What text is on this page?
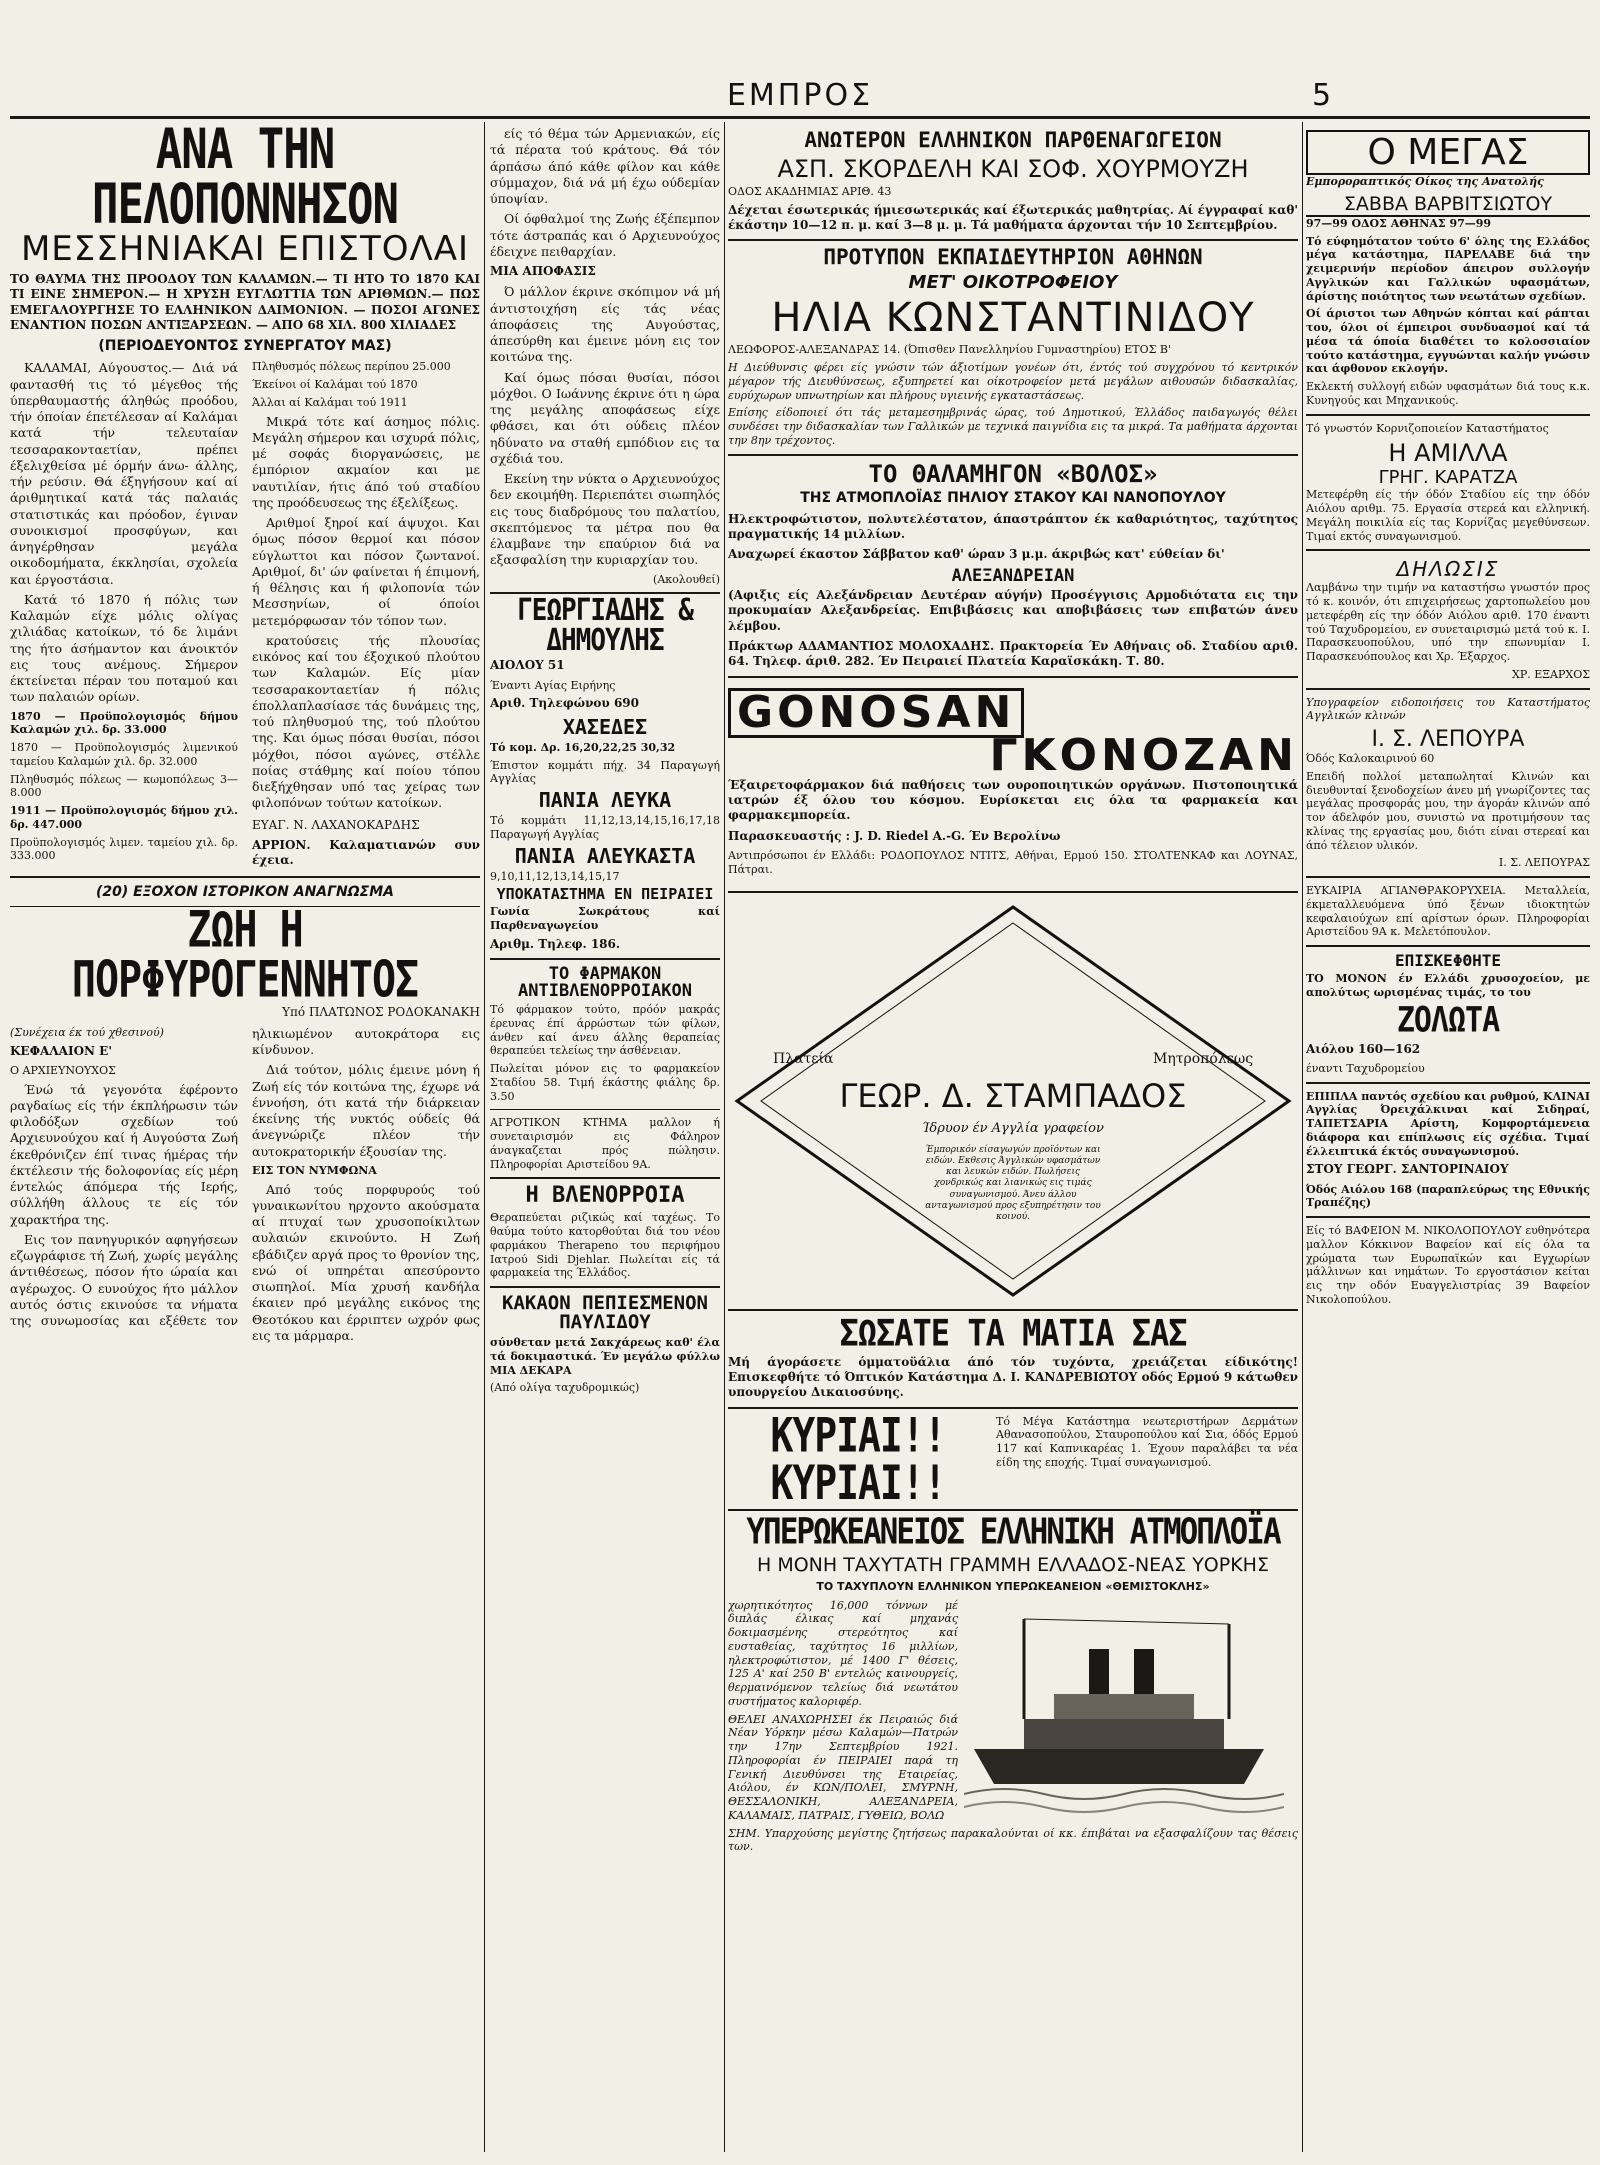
ΕΜΠΡΟΣ	5
ΑΝΑ ΤΗΝ ΠΕΛΟΠΟΝΝΗΣΟΝ
ΜΕΣΣΗΝΙΑΚΑΙ ΕΠΙΣΤΟΛΑΙ
ΤΟ ΘΑΥΜΑ ΤΗΣ ΠΡΟΟΔΟΥ ΤΩΝ ΚΑΛΑΜΩΝ.— ΤΙ ΗΤΟ ΤΟ 1870 ΚΑΙ ΤΙ ΕΙΝΕ ΣΗΜΕΡΟΝ.— Η ΧΡΥΣΗ ΕΥΓΛΩΤΤΙΑ ΤΩΝ ΑΡΙΘΜΩΝ.— ΠΩΣ ΕΜΕΓΑΛΟΥΡΓΗΣΕ ΤΟ ΕΛΛΗΝΙΚΟΝ ΔΑΙΜΟΝΙΟΝ. — ΠΟΣΟΙ ΑΓΩΝΕΣ ΕΝΑΝΤΙΟΝ ΠΟΣΩΝ ΑΝΤΙΞΑΡΣΕΩΝ. — ΑΠΟ 68 ΧΙΛ. 800 ΧΙΛΙΑΔΕΣ
(ΠΕΡΙΟΔΕΥΟΝΤΟΣ ΣΥΝΕΡΓΑΤΟΥ ΜΑΣ)

ΚΑΛΑΜΑΙ, Αύγουστος.— Διά νά φαντασθή τις τό μέγεθος τής ύπερθαυμαστής άληθώς προόδου, τήν όποίαν έπετέλεσαν αί Καλάμαι κατά τήν τελευταίαν τεσσαρακονταετίαν, πρέπει έξελιχθείσα μέ όρμήν άνω- άλλης, τήν ρεύσιν. Θά έξηγήσουν καί αί άριθμητικαί κατά τάς παλαιάς στατιστικάς και πρόοδον, έγιναν συνοικισμοί προσφύγων, και άνηγέρθησαν μεγάλα οικοδομήματα, έκκλησίαι, σχολεία και έργοστάσια.

Κατά τό 1870 ή πόλις των Καλαμών είχε μόλις ολίγας χιλιάδας κατοίκων, τό δε λιμάνι της ήτο άσήμαντον και άνοικτόν εις τους ανέμους. Σήμερον έκτείνεται πέραν του ποταμού και των παλαιών ορίων.

1870 — Προϋπολογισμός δήμου Καλαμών χιλ. δρ. 33.000

1870 — Προϋπολογισμός λιμενικού ταμείου Καλαμών χιλ. δρ. 32.000

Πληθυσμός πόλεως — κωμοπόλεως 3— 8.000

1911 — Προϋπολογισμός δήμου χιλ. δρ. 447.000

Προϋπολογισμός λιμεν. ταμείου χιλ. δρ. 333.000

Πληθυσμός πόλεως περίπου 25.000

Έκείνοι οί Καλάμαι τού 1870

Άλλαι αί Καλάμαι τού 1911

Μικρά τότε καί άσημος πόλις. Μεγάλη σήμερον και ισχυρά πόλις, μέ σοφάς διοργανώσεις, με έμπόριον ακμαίον και με ναυτιλίαν, ήτις άπό τού σταδίου της προόδευσεως της έξελίξεως.

Αριθμοί ξηροί καί άψυχοι. Και όμως πόσον θερμοί και πόσον εύγλωττοι και πόσον ζωντανοί. Αριθμοί, δι' ών φαίνεται ή έπιμονή, ή θέλησις και ή φιλοπονία τών Μεσσηνίων, οί όποίοι μετεμόρφωσαν τόν τόπον των.

κρατούσεις τής πλουσίας εικόνος καί του έξοχικού πλούτου των Καλαμών. Είς μίαν τεσσαρακονταετίαν ή πόλις έπολλαπλασίασε τάς δυνάμεις της, τού πληθυσμού της, τού πλούτου της. Και όμως πόσαι θυσίαι, πόσοι μόχθοι, πόσοι αγώνες, στέλλε ποίας στάθμης καί ποίου τόπου διεξήχθησαν υπό τας χείρας των φιλοπόνων τούτων κατοίκων.

ΕΥΑΓ. Ν. ΛΑΧΑΝΟΚΑΡΔΗΣ

ΑΡΡΙΟΝ. Καλαματιανών συν έχεια.

(20) ΕΞΟΧΟΝ ΙΣΤΟΡΙΚΟΝ ΑΝΑΓΝΩΣΜΑ
ΖΩΗ Η ΠΟΡΦΥΡΟΓΕΝΝΗΤΟΣ
Υπό ΠΛΑΤΩΝΟΣ ΡΟΔΟΚΑΝΑΚΗ

(Συνέχεια έκ τού χθεσινού)

ΚΕΦΑΛΑΙΟΝ Ε'

Ο ΑΡΧΙΕΥΝΟΥΧΟΣ

Ένώ τά γεγονότα έφέροντο ραγδαίως είς τήν έκπλήρωσιν τών φιλοδόξων σχεδίων τού Αρχιευνούχου καί ή Αυγούστα Ζωή έκεθρόνιζεν έπί τινας ήμέρας τήν έκτέλεσιν τής δολοφονίας είς μέρη έντελώς άπόμερα τής Ιερής, σύλλήθη άλλους τε είς τόν χαρακτήρα της.

Εις τον πανηγυρικόν αφηγήσεων εζωγράφισε τή Ζωή, χωρίς μεγάλης άντιθέσεως, πόσον ήτο ώραία και αγέρωχος. Ο ευνούχος ήτο μάλλον αυτός όστις εκινούσε τα νήματα της συνωμοσίας και εξέθετε τον ηλικιωμένον αυτοκράτορα εις κίνδυνον.

Διά τούτον, μόλις έμεινε μόνη ή Ζωή είς τόν κοιτώνα της, έχωρε νά έννοήση, ότι κατά τήν διάρκειαν έκείνης τής νυκτός ούδείς θά άνεγνώριζε πλέον τήν αυτοκρατορικήν έξουσίαν της.

ΕΙΣ ΤΟΝ ΝΥΜΦΩΝΑ

Από τούς πορφυρούς τού γυναικωνίτου ηρχοντο ακούσματα αί πτυχαί των χρυσοποίκιλτων αυλαιών εκινούντο. Η Ζωή εβάδιζεν αργά προς το θρονίον της, ενώ οί υπηρέται απεσύροντο σιωπηλοί. Μία χρυσή κανδήλα έκαιεν πρό μεγάλης εικόνος της Θεοτόκου και έρριπτεν ωχρόν φως εις τα μάρμαρα.

είς τό θέμα τών Αρμενιακών, είς τά πέρατα τού κράτους. Θά τόν άρπάσω άπό κάθε φίλον και κάθε σύμμαχον, διά νά μή έχω ούδεμίαν ύποψίαν.

Οί όφθαλμοί της Ζωής έξέπεμπον τότε άστραπάς και ό Αρχιευνούχος έδειχνε πειθαρχίαν.

ΜΙΑ ΑΠΟΦΑΣΙΣ

Ό μάλλον έκρινε σκόπιμον νά μή άντιστοιχήση είς τάς νέας άποφάσεις της Αυγούστας, άπεσύρθη και έμεινε μόνη εις τον κοιτώνα της.

Καί όμως πόσαι θυσίαι, πόσοι μόχθοι. Ο Ιωάννης έκρινε ότι η ώρα της μεγάλης αποφάσεως είχε φθάσει, και ότι ούδεις πλέον ηδύνατο να σταθή εμπόδιον εις τα σχέδιά του.

Εκείνη την νύκτα ο Αρχιευνούχος δεν εκοιμήθη. Περιεπάτει σιωπηλός εις τους διαδρόμους του παλατίου, σκεπτόμενος τα μέτρα που θα έλαμβανε την επαύριον διά να εξασφαλίση την κυριαρχίαν του.

(Ακολουθεί)

ΓΕΩΡΓΙΑΔΗΣ & ΔΗΜΟΥΛΗΣ

ΑΙΟΛΟΥ 51

Έναντι Αγίας Ειρήνης

Αριθ. Τηλεφώνου 690

ΧΑΣΕΔΕΣ

Τό κομ. Δρ. 16,20,22,25 30,32

Έπιστον κομμάτι πήχ. 34 Παραγωγή Αγγλίας

ΠΑΝΙΑ ΛΕΥΚΑ

Τό κομμάτι 11,12,13,14,15,16,17,18 Παραγωγή Αγγλίας

ΠΑΝΙΑ ΑΛΕΥΚΑΣΤΑ

9,10,11,12,13,14,15,17

ΥΠΟΚΑΤΑΣΤΗΜΑ ΕΝ ΠΕΙΡΑΙΕΙ

Γωνία Σωκράτους καί Παρθεναγωγείου

Αριθμ. Τηλεφ. 186.

ΤΟ ΦΑΡΜΑΚΟΝ ΑΝΤΙΒΛΕΝΟΡΡΟΙΑΚΟΝ

Τό φάρμακον τούτο, πρόόν μακράς έρευνας έπί άρρώστων τών φίλων, άνθεν καί άνευ άλλης θεραπείας θεραπεύει τελείως την άσθένειαν.

Πωλείται μόνον εις το φαρμακείον Σταδίου 58. Τιμή έκάστης φιάλης δρ. 3.50

ΑΓΡΟΤΙΚΟΝ ΚΤΗΜΑ μαλλον ή συνεταιρισμόν εις Φάληρον άναγκαζεται πρός πώλησιν. Πληροφορίαι Αριστείδου 9Α.

Η ΒΛΕΝΟΡΡΟΙΑ

Θεραπεύεται ριζικώς καί ταχέως. Το θαύμα τούτο κατορθούται διά του νέου φαρμάκου Therapeno του περιφήμου Ιατρού Sidi Djehlar. Πωλείται είς τά φαρμακεία της Έλλάδος.

ΚΑΚΑΟΝ ΠΕΠΙΕΣΜΕΝΟΝ ΠΑΥΛΙΔΟΥ

σύνθεταν μετά Σακχάρεως καθ' έλα τά δοκιμαστικά. Έν μεγάλω φύλλω ΜΙΑ ΔΕΚΑΡΑ

(Από ολίγα ταχυδρομικώς)

ΑΝΩΤΕΡΟΝ ΕΛΛΗΝΙΚΟΝ ΠΑΡΘΕΝΑΓΩΓΕΙΟΝ
ΑΣΠ. ΣΚΟΡΔΕΛΗ ΚΑΙ ΣΟΦ. ΧΟΥΡΜΟΥΖΗ

ΟΔΟΣ ΑΚΑΔΗΜΙΑΣ ΑΡΙΘ. 43

Δέχεται έσωτερικάς ήμιεσωτερικάς καί έξωτερικάς μαθητρίας. Αί έγγραφαί καθ' έκάστην 10—12 π. μ. καί 3—8 μ. μ. Τά μαθήματα άρχονται τήν 10 Σεπτεμβρίου.

ΠΡΟΤΥΠΟΝ ΕΚΠΑΙΔΕΥΤΗΡΙΟΝ ΑΘΗΝΩΝ
ΜΕΤ' ΟΙΚΟΤΡΟΦΕΙΟΥ
ΗΛΙΑ ΚΩΝΣΤΑΝΤΙΝΙΔΟΥ

ΛΕΩΦΟΡΟΣ-ΑΛΕΞΑΝΔΡΑΣ 14. (Όπισθεν Πανελληνίου Γυμναστηρίου) ΕΤΟΣ Β'

Η Διεύθυνσις φέρει είς γνώσιν τών άξιοτίμων γονέων ότι, έντός τού συγχρόνου τό κεντρικόν μέγαρον τής Διευθύνσεως, εξυπηρετεί και οίκοτροφείον μετά μεγάλων αιθουσών διδασκαλίας, ευρύχωρων υπνωτηρίων και πλήρους υγιεινής εγκαταστάσεως.

Επίσης είδοποιεί ότι τάς μεταμεσημβρινάς ώρας, τού Δημοτικού, Έλλάδος παιδαγωγός θέλει συνδέσει την διδασκαλίαν των Γαλλικών με τεχνικά παιγνίδια εις τα μικρά. Τα μαθήματα άρχονται την 8ην τρέχοντος.

ΤΟ ΘΑΛΑΜΗΓΟΝ «ΒΟΛΟΣ»
ΤΗΣ ΑΤΜΟΠΛΟΪΑΣ ΠΗΛΙΟΥ ΣΤΑΚΟΥ ΚΑΙ ΝΑΝΟΠΟΥΛΟΥ

Ηλεκτροφώτιστον, πολυτελέστατον, άπαστράπτον έκ καθαριότητος, ταχύτητος πραγματικής 14 μιλλίων.

Αναχωρεί έκαστον Σάββατον καθ' ώραν 3 μ.μ. άκριβώς κατ' εύθείαν δι'

ΑΛΕΞΑΝΔΡΕΙΑΝ

(Αφιξις είς Αλεξάνδρειαν Δευτέραν αύγήν) Προσέγγισις Αρμοδιότατα εις την προκυμαίαν Αλεξανδρείας. Επιβιβάσεις και αποβιβάσεις των επιβατών άνευ λέμβου.

Πράκτωρ ΑΔΑΜΑΝΤΙΟΣ ΜΟΛΟΧΑΔΗΣ. Πρακτορεία Έν Αθήναις οδ. Σταδίου αριθ. 64. Τηλεφ. άριθ. 282. Έν Πειραιεί Πλατεία Καραϊσκάκη. Τ. 80.

GONOSAN
ΓΚΟΝΟΖΑΝ

Έξαιρετοφάρμακον διά παθήσεις των ουροποιητικών οργάνων. Πιστοποιητικά ιατρών έξ όλου του κόσμου. Ευρίσκεται εις όλα τα φαρμακεία και φαρμακεμπορεία.

Παρασκευαστής : J. D. Riedel A.-G. Έν Βερολίνω

Αντιπρόσωποι έν Ελλάδι: ΡΟΔΟΠΟΥΛΟΣ ΝΤΙΤΣ, Αθήναι, Ερμού 150. ΣΤΟΛΤΕΝΚΑΦ και ΛΟΥΝΑΣ, Πάτραι.

Πλατεία	Μητροπόλεως
ΓΕΩΡ. Δ. ΣΤΑΜΠΑΔΟΣ
Ίδρυον έν Αγγλία γραφείον
Έμπορικόν είσαγωγών προϊόντων και ειδών. Εκθεσις Άγγλικών υφασμάτων και λευκών ειδών. Πωλήσεις χονδρικώς και λιανικώς εις τιμάς συναγωνισμού. Άνευ άλλου ανταγωνισμού προς εξυπηρέτησιν του κοινού.
ΣΩΣΑΤΕ ΤΑ ΜΑΤΙΑ ΣΑΣ

Μή άγοράσετε όμματοϋάλια άπό τόν τυχόντα, χρειάζεται είδικότης! Επισκεφθήτε τό Όπτικόν Κατάστημα Δ. Ι. ΚΑΝΔΡΕΒΙΩΤΟΥ οδός Ερμού 9 κάτωθεν υπουργείου Δικαιοσύνης.

ΚΥΡΙΑΙ!! ΚΥΡΙΑΙ!!

Τό Μέγα Κατάστημα νεωτεριστήρων Δερμάτων Αθανασοπούλου, Σταυροπούλου καί Σια, όδός Ερμού 117 καί Καπνικαρέας 1. Έχουν παραλάβει τα νέα είδη της εποχής. Τιμαί συναγωνισμού.

ΥΠΕΡΩΚΕΑΝΕΙΟΣ ΕΛΛΗΝΙΚΗ ΑΤΜΟΠΛΟΪΑ
Η ΜΟΝΗ ΤΑΧΥΤΑΤΗ ΓΡΑΜΜΗ ΕΛΛΑΔΟΣ-ΝΕΑΣ ΥΟΡΚΗΣ
ΤΟ ΤΑΧΥΠΛΟΥΝ ΕΛΛΗΝΙΚΟΝ ΥΠΕΡΩΚΕΑΝΕΙΟΝ «ΘΕΜΙΣΤΟΚΛΗΣ»

χωρητικότητος 16,000 τόννων μέ διπλάς έλικας καί μηχανάς δοκιμασμένης στερεότητος καί ευσταθείας, ταχύτητος 16 μιλλίων, ηλεκτροφώτιστον, μέ 1400 Γ' θέσεις, 125 Α' καί 250 Β' εντελώς καινουργείς, θερμαινόμενον τελείως διά νεωτάτου συστήματος καλοριφέρ.

ΘΕΛΕΙ ΑΝΑΧΩΡΗΣΕΙ έκ Πειραιώς διά Νέαν Υόρκην μέσω Καλαμών—Πατρών την 17ην Σεπτεμβρίου 1921. Πληροφορίαι έν ΠΕΙΡΑΙΕΙ παρά τη Γενική Διευθύνσει της Εταιρείας, Αιόλου, έν ΚΩΝ/ΠΟΛΕΙ, ΣΜΥΡΝΗ, ΘΕΣΣΑΛΟΝΙΚΗ, ΑΛΕΞΑΝΔΡΕΙΑ, ΚΑΛΑΜΑΙΣ, ΠΑΤΡΑΙΣ, ΓΥΘΕΙΩ, ΒΟΛΩ

ΣΗΜ. Υπαρχούσης μεγίστης ζητήσεως παρακαλούνται οί κκ. έπιβάται να εξασφαλίζουν τας θέσεις των.

Ο ΜΕΓΑΣ

Εμποροραπτικός Οίκος της Ανατολής

ΣΑΒΒΑ ΒΑΡΒΙΤΣΙΩΤΟΥ

97—99 ΟΔΟΣ ΑΘΗΝΑΣ 97—99

Τό εύφημότατον τούτο 6' όλης της Ελλάδος μέγα κατάστημα, ΠΑΡΕΛΑΒΕ διά την χειμερινήν περίοδον άπειρον συλλογήν Αγγλικών και Γαλλικών υφασμάτων, άρίστης ποιότητος των νεωτάτων σχεδίων.

Οί άριστοι των Αθηνών κόπται καί ράπται του, όλοι οί έμπειροι συνδυασμοί καί τά μέσα τά όποία διαθέτει το κολοσσιαίον τούτο κατάστημα, εγγυώνται καλήν γνώσιν και άφθονον εκλογήν.

Εκλεκτή συλλογή ειδών υφασμάτων διά τους κ.κ. Κυνηγούς και Μηχανικούς.

Τό γνωστόν Κορνιζοποιείον Καταστήματος

Η ΑΜΙΛΛΑ
ΓΡΗΓ. ΚΑΡΑΤΖΑ

Μετεφέρθη είς τήν όδόν Σταδίου είς την όδόν Αιόλου αριθμ. 75. Εργασία στερεά και ελληνική. Μεγάλη ποικιλία είς τας Κορνίζας μεγεθύνσεων. Τιμαί εκτός συναγωνισμού.

ΔΗΛΩΣΙΣ

Λαμβάνω την τιμήν να καταστήσω γνωστόν προς τό κ. κοινόν, ότι επιχειρήσεως χαρτοπωλείου μου μετεφέρθη είς την όδόν Αιόλου αριθ. 170 έναντι τού Ταχυδρομείου, εν συνεταιρισμώ μετά τού κ. Ι. Παρασκευοπούλου, υπό την επωνυμίαν Ι. Παρασκευόπουλος και Χρ. Έξαρχος.

ΧΡ. ΕΞΑΡΧΟΣ

Υπογραφείον ειδοποιήσεις του Καταστήματος Αγγλικών κλινών

Ι. Σ. ΛΕΠΟΥΡΑ

Όδός Καλοκαιρινού 60

Επειδή πολλοί μεταπωληταί Κλινών και διευθυνταί ξενοδοχείων άνευ μή γνωρίζοντες τας μεγάλας προσφοράς μου, την άγοράν κλινών από τον άδελφόν μου, συνιστώ να προτιμήσουν τας κλίνας της εργασίας μου, διότι είναι στερεαί και άπό τέλειον υλικόν.

Ι. Σ. ΛΕΠΟΥΡΑΣ

ΕΥΚΑΙΡΙΑ ΑΓΙΑΝΘΡΑΚΟΡΥΧΕΙΑ. Μεταλλεία, έκμεταλλευόμενα ύπό ξένων ιδιοκτητών κεφαλαιούχων επί αρίστων όρων. Πληροφορίαι Αριστείδου 9Α κ. Μελετόπουλον.

ΕΠΙΣΚΕΦΘΗΤΕ

ΤΟ ΜΟΝΟΝ έν Ελλάδι χρυσοχοείον, με απολύτως ωρισμένας τιμάς, το του

ΖΟΛΩΤΑ

Αιόλου 160—162

έναντι Ταχυδρομείου

ΕΠΙΠΛΑ παντός σχεδίου και ρυθμού, ΚΛΙΝΑΙ Αγγλίας Όρειχάλκιναι καί Σιδηραί, ΤΑΠΕΤΣΑΡΙΑ Αρίστη, Κομφορτάμενεια διάφορα και επίπλωσις είς σχέδια. Τιμαί έλλειπτικά έκτός συναγωνισμού.

ΣΤΟΥ ΓΕΩΡΓ. ΣΑΝΤΟΡΙΝΑΙΟΥ

Όδός Αιόλου 168 (παραπλεύρως της Εθνικής Τραπέζης)

Είς τό ΒΑΦΕΙΟΝ Μ. ΝΙΚΟΛΟΠΟΥΛΟΥ ευθηνότερα μαλλον Κόκκινον Βαφείον καί είς όλα τα χρώματα των Ευρωπαϊκών και Εγχωρίων μάλλινων και νημάτων. Το εργοστάσιον κείται εις την οδόν Ευαγγελιστρίας 39 Βαφείον Νικολοπούλου.
